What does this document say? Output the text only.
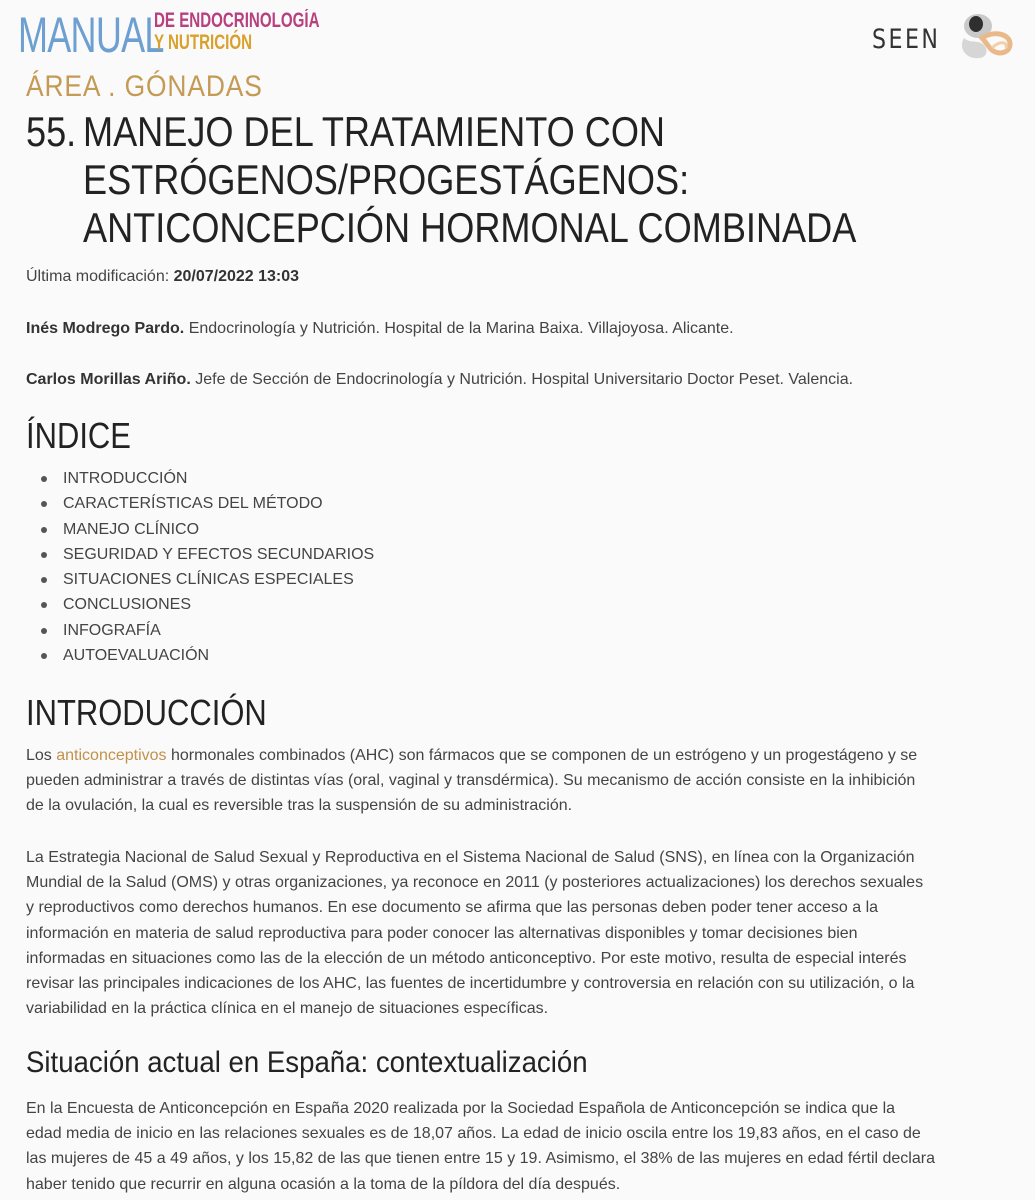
MANUAL
DE ENDOCRINOLOGÍA
Y NUTRICIÓN	SEEN
ÁREA . GÓNADAS
55. MANEJO DEL TRATAMIENTO CON
ESTRÓGENOS/PROGESTÁGENOS:
ANTICONCEPCIÓN HORMONAL COMBINADA
Última modificación: 20/07/2022 13:03
Inés Modrego Pardo. Endocrinología y Nutrición. Hospital de la Marina Baixa. Villajoyosa. Alicante.
Carlos Morillas Ariño. Jefe de Sección de Endocrinología y Nutrición. Hospital Universitario Doctor Peset. Valencia.
ÍNDICE
INTRODUCCIÓN
CARACTERÍSTICAS DEL MÉTODO
MANEJO CLÍNICO
SEGURIDAD Y EFECTOS SECUNDARIOS
SITUACIONES CLÍNICAS ESPECIALES
CONCLUSIONES
INFOGRAFÍA
AUTOEVALUACIÓN
INTRODUCCIÓN
Los anticonceptivos hormonales combinados (AHC) son fármacos que se componen de un estrógeno y un progestágeno y se
pueden administrar a través de distintas vías (oral, vaginal y transdérmica). Su mecanismo de acción consiste en la inhibición
de la ovulación, la cual es reversible tras la suspensión de su administración.
La Estrategia Nacional de Salud Sexual y Reproductiva en el Sistema Nacional de Salud (SNS), en línea con la Organización
Mundial de la Salud (OMS) y otras organizaciones, ya reconoce en 2011 (y posteriores actualizaciones) los derechos sexuales
y reproductivos como derechos humanos. En ese documento se afirma que las personas deben poder tener acceso a la
información en materia de salud reproductiva para poder conocer las alternativas disponibles y tomar decisiones bien
informadas en situaciones como las de la elección de un método anticonceptivo. Por este motivo, resulta de especial interés
revisar las principales indicaciones de los AHC, las fuentes de incertidumbre y controversia en relación con su utilización, o la
variabilidad en la práctica clínica en el manejo de situaciones específicas.
Situación actual en España: contextualización
En la Encuesta de Anticoncepción en España 2020 realizada por la Sociedad Española de Anticoncepción se indica que la
edad media de inicio en las relaciones sexuales es de 18,07 años. La edad de inicio oscila entre los 19,83 años, en el caso de
las mujeres de 45 a 49 años, y los 15,82 de las que tienen entre 15 y 19. Asimismo, el 38% de las mujeres en edad fértil declara
haber tenido que recurrir en alguna ocasión a la toma de la píldora del día después.
